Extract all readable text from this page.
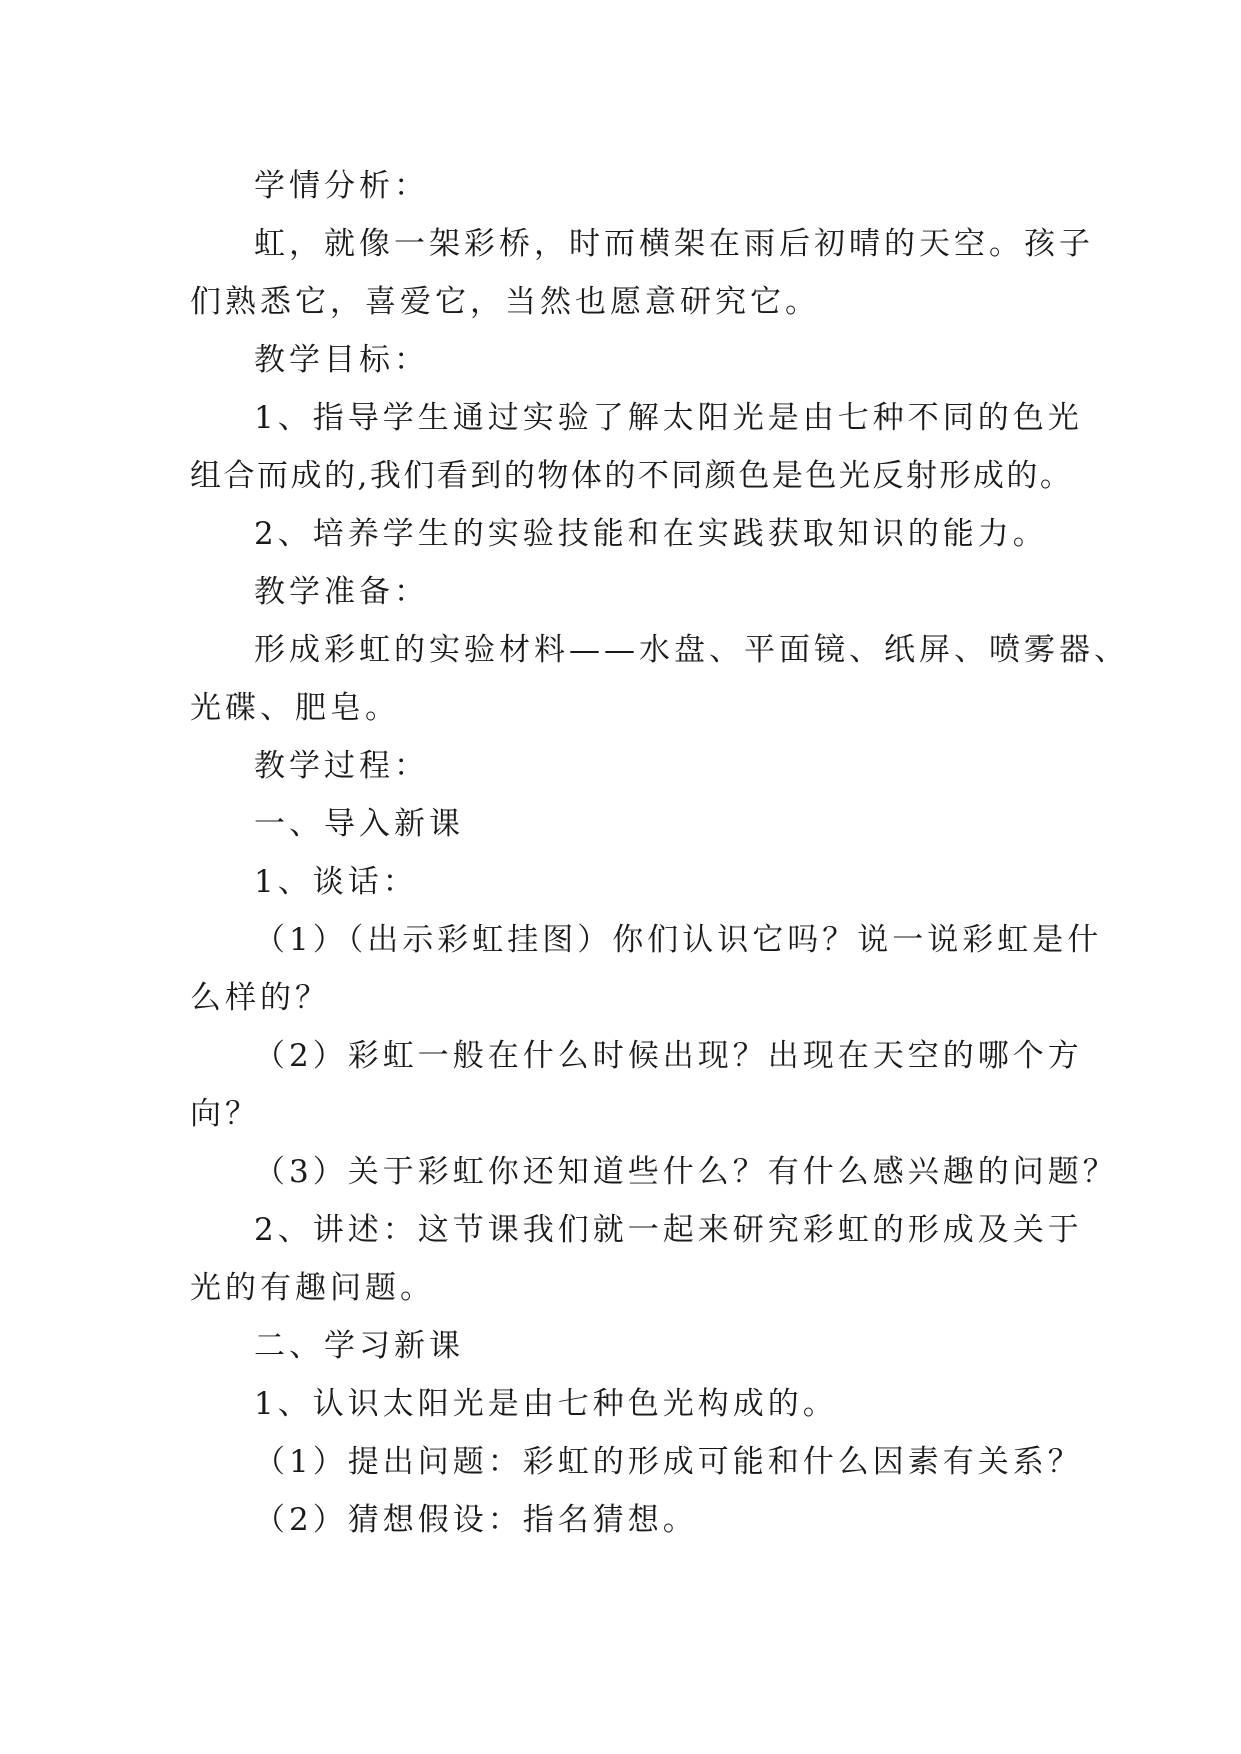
学情分析：
虹，就像一架彩桥，时而横架在雨后初晴的天空。孩子
们熟悉它，喜爱它，当然也愿意研究它。
教学目标：
1、指导学生通过实验了解太阳光是由七种不同的色光
组合而成的,我们看到的物体的不同颜色是色光反射形成的。
2、培养学生的实验技能和在实践获取知识的能力。
教学准备：
形成彩虹的实验材料——水盘、平面镜、纸屏、喷雾器、
光碟、肥皂。
教学过程：
一、导入新课
1、谈话：
（1）（出示彩虹挂图）你们认识它吗？说一说彩虹是什
么样的？
（2）彩虹一般在什么时候出现？出现在天空的哪个方
向？
（3）关于彩虹你还知道些什么？有什么感兴趣的问题？
2、讲述：这节课我们就一起来研究彩虹的形成及关于
光的有趣问题。
二、学习新课
1、认识太阳光是由七种色光构成的。
（1）提出问题：彩虹的形成可能和什么因素有关系？
（2）猜想假设：指名猜想。
